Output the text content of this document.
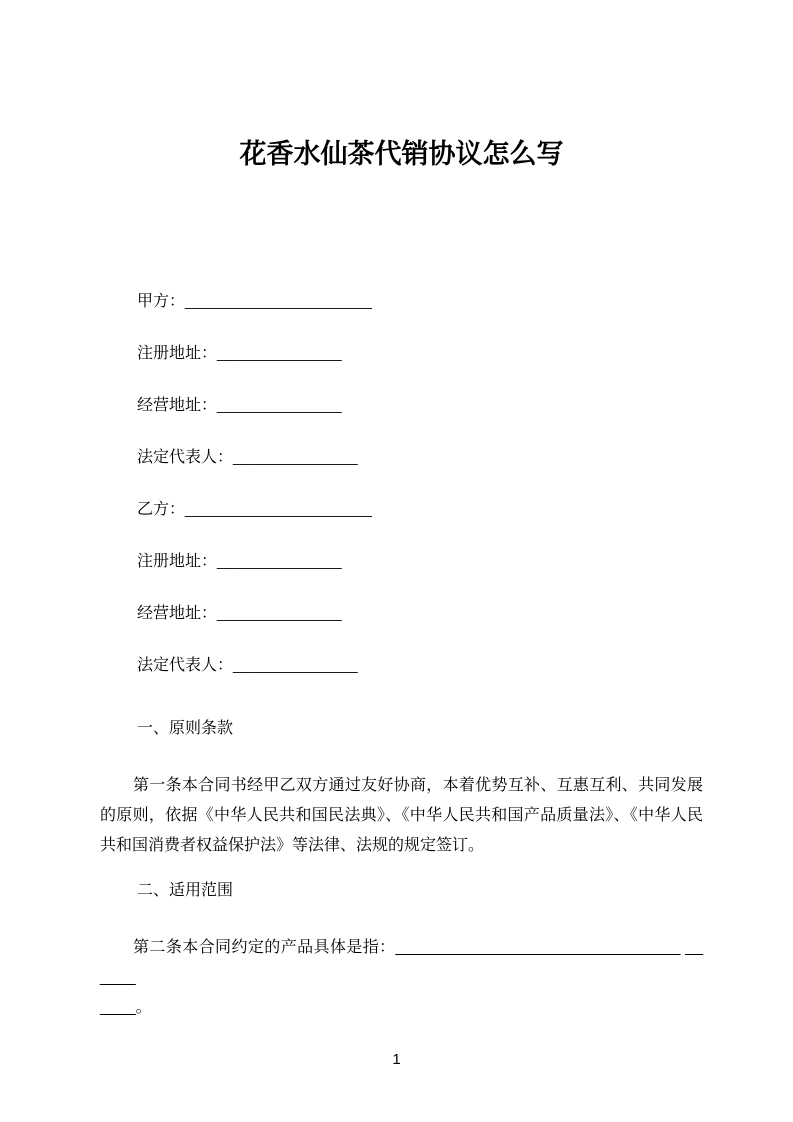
花香水仙茶代销协议怎么写
甲方：_____________________
注册地址：______________
经营地址：______________
法定代表人：______________
乙方：_____________________
注册地址：______________
经营地址：______________
法定代表人：______________
一、原则条款

第一条本合同书经甲乙双方通过友好协商，本着优势互补、互惠互利、共同发展的原则，依据《中华人民共和国民法典》、《中华人民共和国产品质量法》、《中华人民共和国消费者权益保护法》等法律、法规的规定签订。

二、适用范围

第二条本合同约定的产品具体是指：________________________________ ______

____。

1
